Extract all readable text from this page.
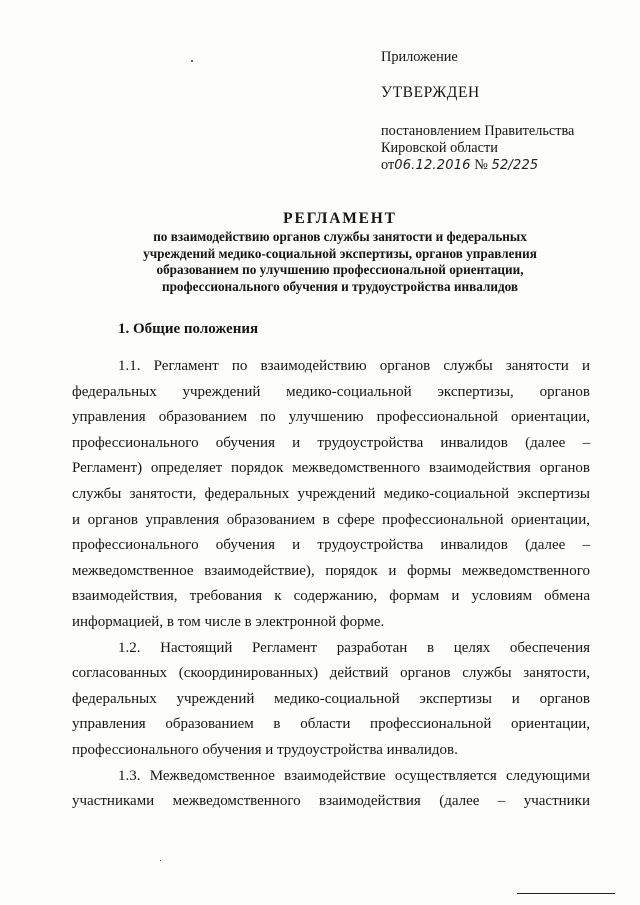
Приложение
УТВЕРЖДЕН
постановлением Правительства
Кировской области
от06.12.2016 № 52/225
РЕГЛАМЕНТ
по взаимодействию органов службы занятости и федеральных
учреждений медико-социальной экспертизы, органов управления
образованием по улучшению профессиональной ориентации,
профессионального обучения и трудоустройства инвалидов
1. Общие положения

1.1. Регламент по взаимодействию органов службы занятости и
федеральных учреждений медико-социальной экспертизы, органов
управления образованием по улучшению профессиональной ориентации,
профессионального обучения и трудоустройства инвалидов (далее –
Регламент) определяет порядок межведомственного взаимодействия органов
службы занятости, федеральных учреждений медико-социальной экспертизы
и органов управления образованием в сфере профессиональной ориентации,
профессионального обучения и трудоустройства инвалидов (далее –
межведомственное взаимодействие), порядок и формы межведомственного
взаимодействия, требования к содержанию, формам и условиям обмена
информацией, в том числе в электронной форме.

1.2. Настоящий Регламент разработан в целях обеспечения
согласованных (скоординированных) действий органов службы занятости,
федеральных учреждений медико-социальной экспертизы и органов
управления образованием в области профессиональной ориентации,
профессионального обучения и трудоустройства инвалидов.

1.3. Межведомственное взаимодействие осуществляется следующими
участниками межведомственного взаимодействия (далее – участники
